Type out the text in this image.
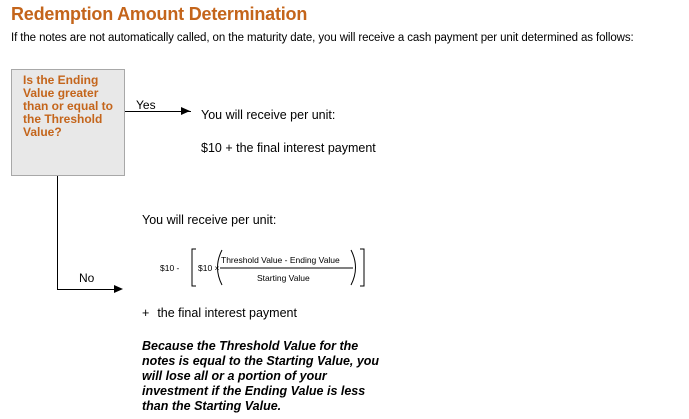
Redemption Amount Determination
If the notes are not automatically called, on the maturity date, you will receive a cash payment per unit determined as follows:
Is the Ending Value greater than or equal to the Threshold Value?
Yes
No
You will receive per unit:
$10 + the final interest payment
You will receive per unit:
$10 - $10 ×
Threshold Value - Ending Value
Starting Value
+ the final interest payment
Because the Threshold Value for the notes is equal to the Starting Value, you will lose all or a portion of your investment if the Ending Value is less than the Starting Value.
